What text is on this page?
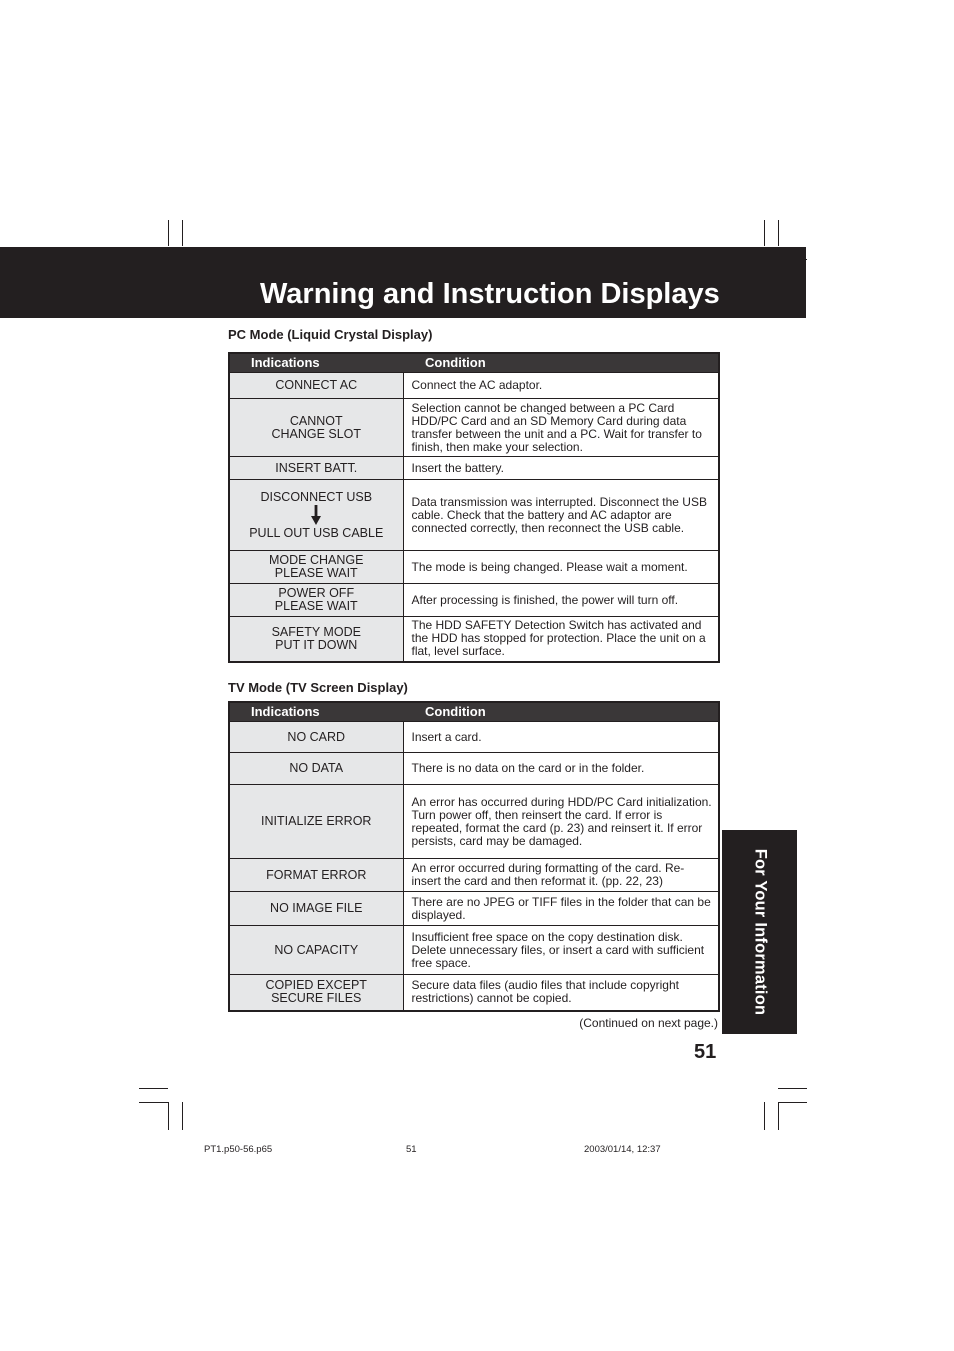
Warning and Instruction Displays
PC Mode (Liquid Crystal Display)
Indications	Condition
CONNECT AC	Connect the AC adaptor.
CANNOT
CHANGE SLOT	Selection cannot be changed between a PC Card HDD/PC Card and an SD Memory Card during data transfer between the unit and a PC. Wait for transfer to finish, then make your selection.
INSERT BATT.	Insert the battery.

DISCONNECT USB
PULL OUT USB CABLE	Data transmission was interrupted. Disconnect the USB cable. Check that the battery and AC adaptor are connected correctly, then reconnect the USB cable.
MODE CHANGE
PLEASE WAIT	The mode is being changed. Please wait a moment.
POWER OFF
PLEASE WAIT	After processing is finished, the power will turn off.
SAFETY MODE
PUT IT DOWN	The HDD SAFETY Detection Switch has activated and the HDD has stopped for protection. Place the unit on a flat, level surface.
TV Mode (TV Screen Display)
Indications	Condition
NO CARD	Insert a card.
NO DATA	There is no data on the card or in the folder.
INITIALIZE ERROR	An error has occurred during HDD/PC Card initialization. Turn power off, then reinsert the card. If error is repeated, format the card (p. 23) and reinsert it. If error persists, card may be damaged.
FORMAT ERROR	An error occurred during formatting of the card. Re-insert the card and then reformat it. (pp. 22, 23)
NO IMAGE FILE	There are no JPEG or TIFF files in the folder that can be displayed.
NO CAPACITY	Insufficient free space on the copy destination disk. Delete unnecessary files, or insert a card with sufficient free space.
COPIED EXCEPT
SECURE FILES	Secure data files (audio files that include copyright restrictions) cannot be copied.
(Continued on next page.)
For Your Information
51
PT1.p50-56.p65	51	2003/01/14, 12:37
